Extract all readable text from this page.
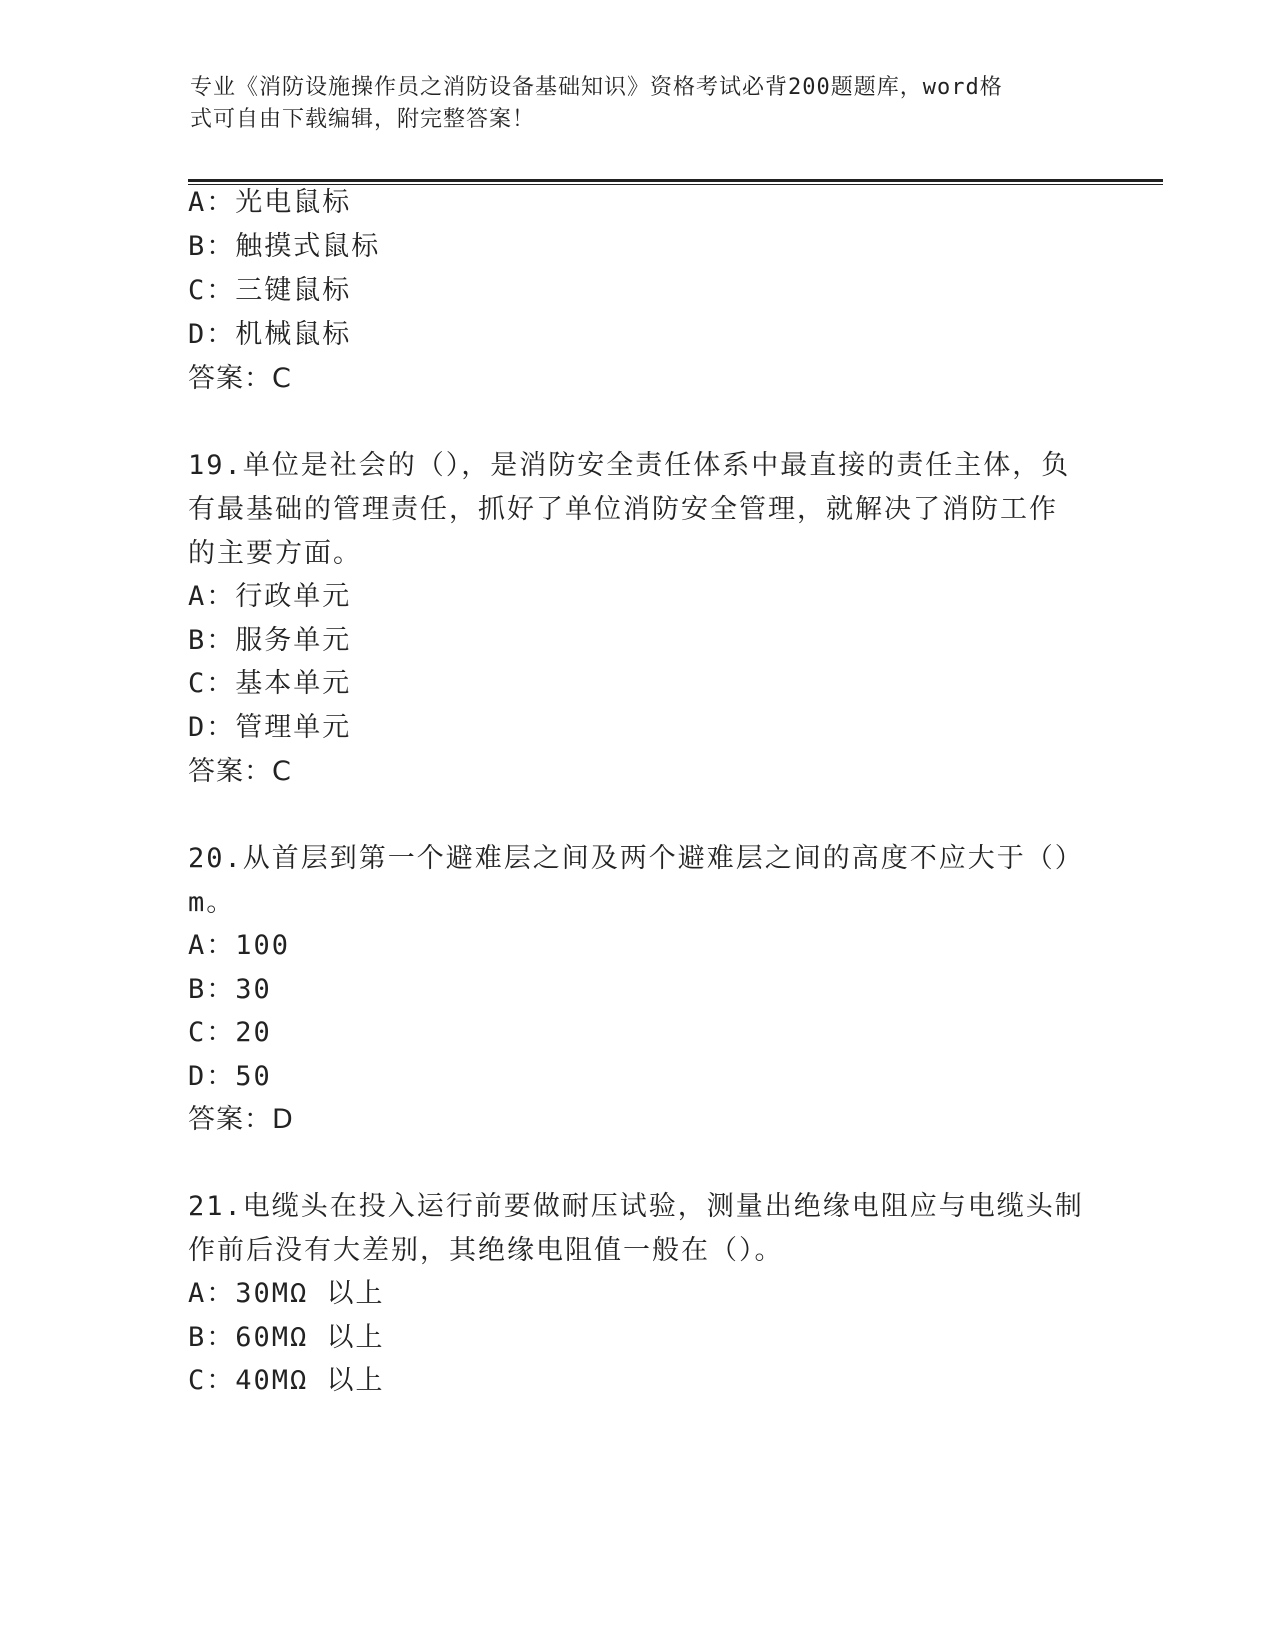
专业《消防设施操作员之消防设备基础知识》资格考试必背200题题库，word格
式可自由下载编辑，附完整答案！
A：光电鼠标
B：触摸式鼠标
C：三键鼠标
D：机械鼠标
答案：C
19.单位是社会的（），是消防安全责任体系中最直接的责任主体，负
有最基础的管理责任，抓好了单位消防安全管理，就解决了消防工作
的主要方面。
A：行政单元
B：服务单元
C：基本单元
D：管理单元
答案：C
20.从首层到第一个避难层之间及两个避难层之间的高度不应大于（）
m。
A：100
B：30
C：20
D：50
答案：D
21.电缆头在投入运行前要做耐压试验，测量出绝缘电阻应与电缆头制
作前后没有大差别，其绝缘电阻值一般在（）。
A：30MΩ 以上
B：60MΩ 以上
C：40MΩ 以上
